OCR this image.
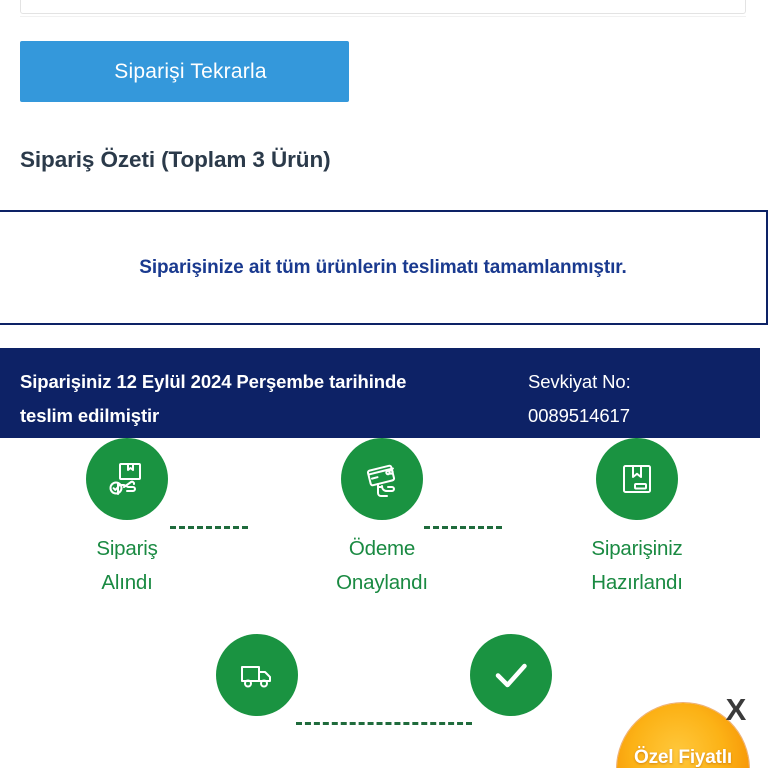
Siparişi Tekrarla
Sipariş Özeti (Toplam 3 Ürün)
Siparişinize ait tüm ürünlerin teslimatı tamamlanmıştır.
Siparişiniz 12 Eylül 2024 Perşembe tarihinde teslim edilmiştir
Sevkiyat No:
0089514617
Sipariş
Alındı
Ödeme
Onaylandı
Siparişiniz
Hazırlandı
Özel Fiyatlı
X
